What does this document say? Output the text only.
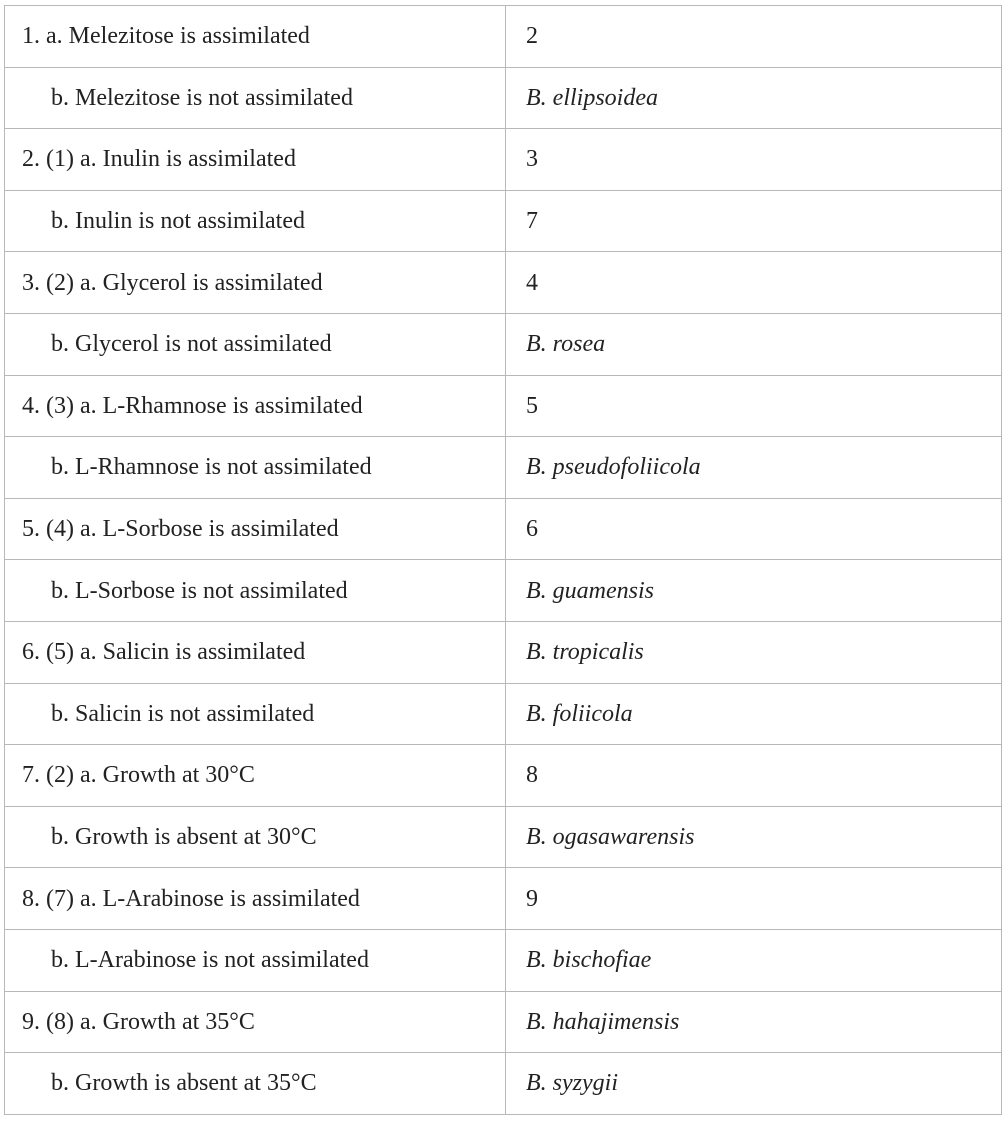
1. a. Melezitose is assimilated	2
b. Melezitose is not assimilated	B. ellipsoidea
2. (1) a. Inulin is assimilated	3
b. Inulin is not assimilated	7
3. (2) a. Glycerol is assimilated	4
b. Glycerol is not assimilated	B. rosea
4. (3) a. L-Rhamnose is assimilated	5
b. L-Rhamnose is not assimilated	B. pseudofoliicola
5. (4) a. L-Sorbose is assimilated	6
b. L-Sorbose is not assimilated	B. guamensis
6. (5) a. Salicin is assimilated	B. tropicalis
b. Salicin is not assimilated	B. foliicola
7. (2) a. Growth at 30°C	8
b. Growth is absent at 30°C	B. ogasawarensis
8. (7) a. L-Arabinose is assimilated	9
b. L-Arabinose is not assimilated	B. bischofiae
9. (8) a. Growth at 35°C	B. hahajimensis
b. Growth is absent at 35°C	B. syzygii
